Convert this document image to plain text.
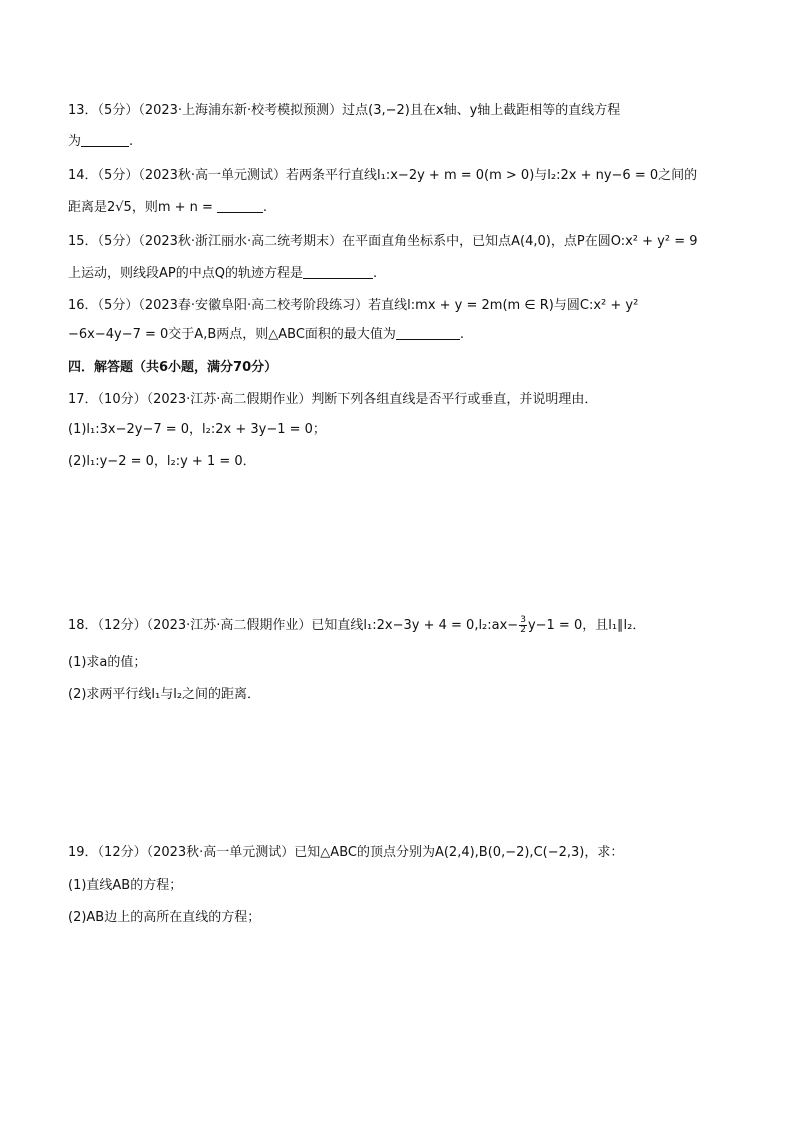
13．（5分）（2023·上海浦东新·校考模拟预测）过点(3,−2)且在x轴、y轴上截距相等的直线方程
为	.
14．（5分）（2023秋·高一单元测试）若两条平行直线l₁:x−2y + m = 0(m > 0)与l₂:2x + ny−6 = 0之间的
距离是2√5，则m + n =	.
15．（5分）（2023秋·浙江丽水·高二统考期末）在平面直角坐标系中，已知点A(4,0)，点P在圆O:x² + y² = 9
上运动，则线段AP的中点Q的轨迹方程是	.
16．（5分）（2023春·安徽阜阳·高二校考阶段练习）若直线l:mx + y = 2m(m ∈ R)与圆C:x² + y²
−6x−4y−7 = 0交于A,B两点，则△ABC面积的最大值为	.
四．解答题（共6小题，满分70分）
17．（10分）（2023·江苏·高二假期作业）判断下列各组直线是否平行或垂直，并说明理由．
(1)l₁:3x−2y−7 = 0，l₂:2x + 3y−1 = 0；
(2)l₁:y−2 = 0，l₂:y + 1 = 0．
18．（12分）（2023·江苏·高二假期作业）已知直线l₁:2x−3y + 4 = 0,l₂:ax− $\frac{3}{2} y-1 = 0$，且l₁∥l₂．
(1)求a的值；
(2)求两平行线l₁与l₂之间的距离．
19．（12分）（2023秋·高一单元测试）已知△ABC的顶点分别为A(2,4),B(0,−2),C(−2,3)，求：
(1)直线AB的方程；
(2)AB边上的高所在直线的方程；
